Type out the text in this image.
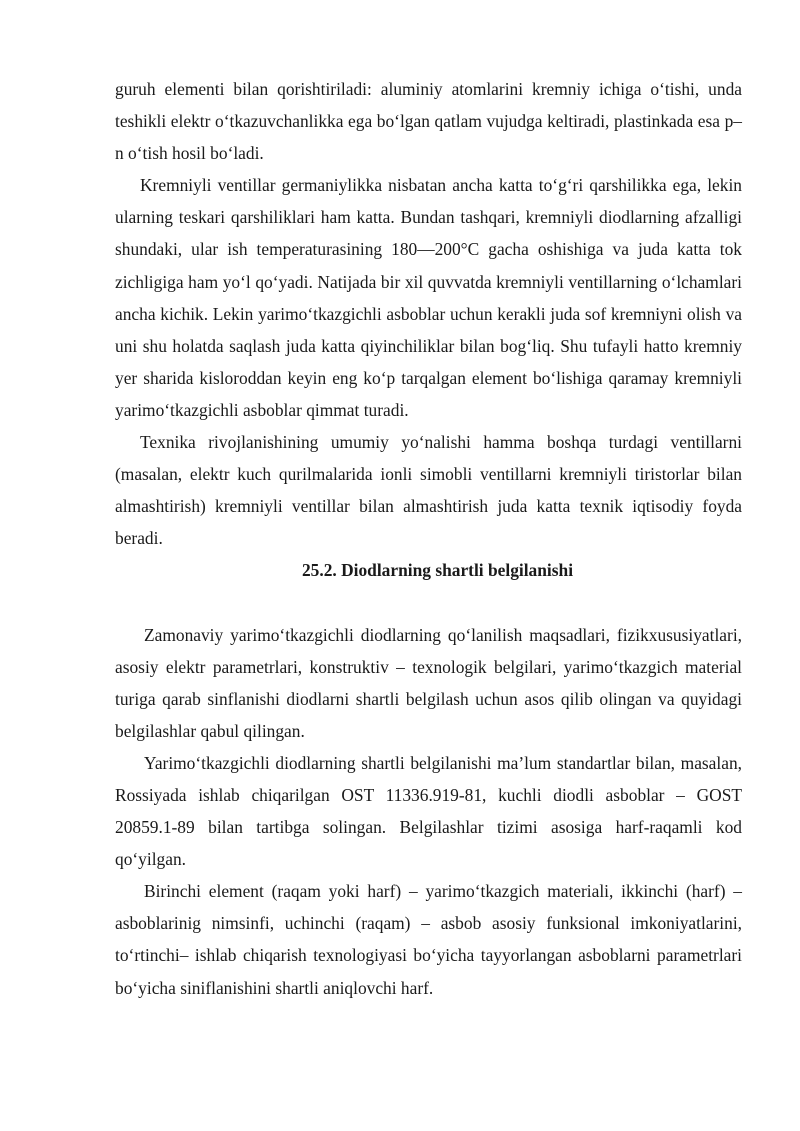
guruh elementi bilan qorishtiriladi: aluminiy atomlarini kremniy ichiga o‘tishi, unda teshikli elektr o‘tkazuvchanlikka ega bo‘lgan qatlam vujudga keltiradi, plastinkada esa p–n o‘tish hosil bo‘ladi.

Kremniyli ventillar germaniylikka nisbatan ancha katta to‘g‘ri qarshilikka ega, lekin ularning teskari qarshiliklari ham katta. Bundan tashqari, kremniyli diodlarning afzalligi shundaki, ular ish temperaturasining 180—200°C gacha oshishiga va juda katta tok zichligiga ham yo‘l qo‘yadi. Natijada bir xil quvvatda kremniyli ventillarning o‘lchamlari ancha kichik. Lekin yarimo‘tkazgichli asboblar uchun kerakli juda sof kremniyni olish va uni shu holatda saqlash juda katta qiyinchiliklar bilan bog‘liq. Shu tufayli hatto kremniy yer sharida kisloroddan keyin eng ko‘p tarqalgan element bo‘lishiga qaramay kremniyli yarimo‘tkazgichli asboblar qimmat turadi.

Texnika rivojlanishining umumiy yo‘nalishi hamma boshqa turdagi ventillarni (masalan, elektr kuch qurilmalarida ionli simobli ventillarni kremniyli tiristorlar bilan almashtirish) kremniyli ventillar bilan almashtirish juda katta texnik iqtisodiy foyda beradi.

25.2. Diodlarning shartli belgilanishi

Zamonaviy yarimo‘tkazgichli diodlarning qo‘lanilish maqsadlari, fizikxususiyatlari, asosiy elektr parametrlari, konstruktiv – texnologik belgilari, yarimo‘tkazgich material turiga qarab sinflanishi diodlarni shartli belgilash uchun asos qilib olingan va quyidagi belgilashlar qabul qilingan.

Yarimo‘tkazgichli diodlarning shartli belgilanishi ma’lum standartlar bilan, masalan, Rossiyada ishlab chiqarilgan OST 11336.919-81, kuchli diodli asboblar – GOST 20859.1-89 bilan tartibga solingan. Belgilashlar tizimi asosiga harf-raqamli kod qo‘yilgan.

Birinchi element (raqam yoki harf) – yarimo‘tkazgich materiali, ikkinchi (harf) – asboblarinig nimsinfi, uchinchi (raqam) – asbob asosiy funksional imkoniyatlarini, to‘rtinchi– ishlab chiqarish texnologiyasi bo‘yicha tayyorlangan asboblarni parametrlari bo‘yicha siniflanishini shartli aniqlovchi harf.
